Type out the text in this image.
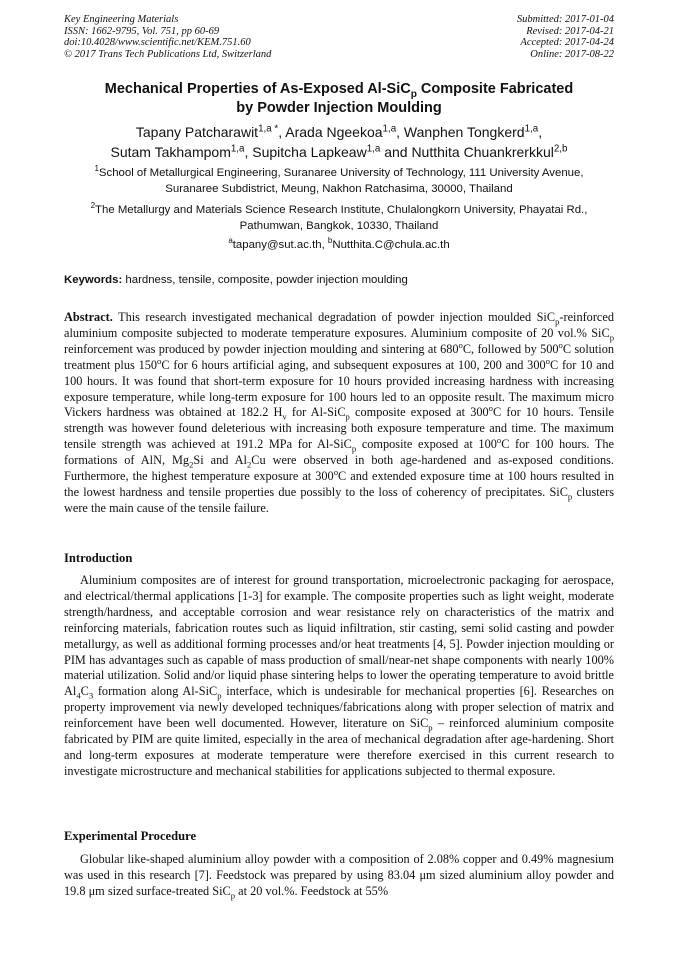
Key Engineering Materials
ISSN: 1662-9795, Vol. 751, pp 60-69
doi:10.4028/www.scientific.net/KEM.751.60
© 2017 Trans Tech Publications Ltd, Switzerland
Submitted: 2017-01-04
Revised: 2017-04-21
Accepted: 2017-04-24
Online: 2017-08-22
Mechanical Properties of As-Exposed Al-SiC$_p$ Composite Fabricated
by Powder Injection Moulding
Tapany Patcharawit$^{1,a *}$, Arada Ngeekoa$^{1,a}$, Wanphen Tongkerd$^{1,a}$,
Sutam Takhampom$^{1,a}$, Supitcha Lapkeaw$^{1,a}$ and Nutthita Chuankrerkkul$^{2,b}$
$^1$School of Metallurgical Engineering, Suranaree University of Technology, 111 University Avenue,
Suranaree Subdistrict, Meung, Nakhon Ratchasima, 30000, Thailand
$^2$The Metallurgy and Materials Science Research Institute, Chulalongkorn University, Phayatai Rd.,
Pathumwan, Bangkok, 10330, Thailand
$^a$tapany@sut.ac.th, $^b$Nutthita.C@chula.ac.th
Keywords: hardness, tensile, composite, powder injection moulding

Abstract. This research investigated mechanical degradation of powder injection moulded SiC$_p$-reinforced aluminium composite subjected to moderate temperature exposures. Aluminium composite of 20 vol.% SiC$_p$ reinforcement was produced by powder injection moulding and sintering at 680$^o$C, followed by 500$^o$C solution treatment plus 150$^o$C for 6 hours artificial aging, and subsequent exposures at 100, 200 and 300$^o$C for 10 and 100 hours. It was found that short-term exposure for 10 hours provided increasing hardness with increasing exposure temperature, while long-term exposure for 100 hours led to an opposite result. The maximum micro Vickers hardness was obtained at 182.2 $H_v$ for Al-SiC$_p$ composite exposed at 300$^o$C for 10 hours. Tensile strength was however found deleterious with increasing both exposure temperature and time. The maximum tensile strength was achieved at 191.2 MPa for Al-SiC$_p$ composite exposed at 100$^o$C for 100 hours. The formations of AlN, $Mg_2Si$ and $Al_2Cu$ were observed in both age-hardened and as-exposed conditions. Furthermore, the highest temperature exposure at 300$^o$C and extended exposure time at 100 hours resulted in the lowest hardness and tensile properties due possibly to the loss of coherency of precipitates. SiC$_p$ clusters were the main cause of the tensile failure.

Introduction

Aluminium composites are of interest for ground transportation, microelectronic packaging for aerospace, and electrical/thermal applications [1-3] for example. The composite properties such as light weight, moderate strength/hardness, and acceptable corrosion and wear resistance rely on characteristics of the matrix and reinforcing materials, fabrication routes such as liquid infiltration, stir casting, semi solid casting and powder metallurgy, as well as additional forming processes and/or heat treatments [4, 5]. Powder injection moulding or PIM has advantages such as capable of mass production of small/near-net shape components with nearly 100% material utilization. Solid and/or liquid phase sintering helps to lower the operating temperature to avoid brittle $Al_4C_3$ formation along Al-SiC$_p$ interface, which is undesirable for mechanical properties [6]. Researches on property improvement via newly developed techniques/fabrications along with proper selection of matrix and reinforcement have been well documented. However, literature on SiC$_p$ – reinforced aluminium composite fabricated by PIM are quite limited, especially in the area of mechanical degradation after age-hardening. Short and long-term exposures at moderate temperature were therefore exercised in this current research to investigate microstructure and mechanical stabilities for applications subjected to thermal exposure.

Experimental Procedure

Globular like-shaped aluminium alloy powder with a composition of 2.08% copper and 0.49% magnesium was used in this research [7]. Feedstock was prepared by using 83.04 μm sized aluminium alloy powder and 19.8 μm sized surface-treated SiC$_p$ at 20 vol.%. Feedstock at 55%
